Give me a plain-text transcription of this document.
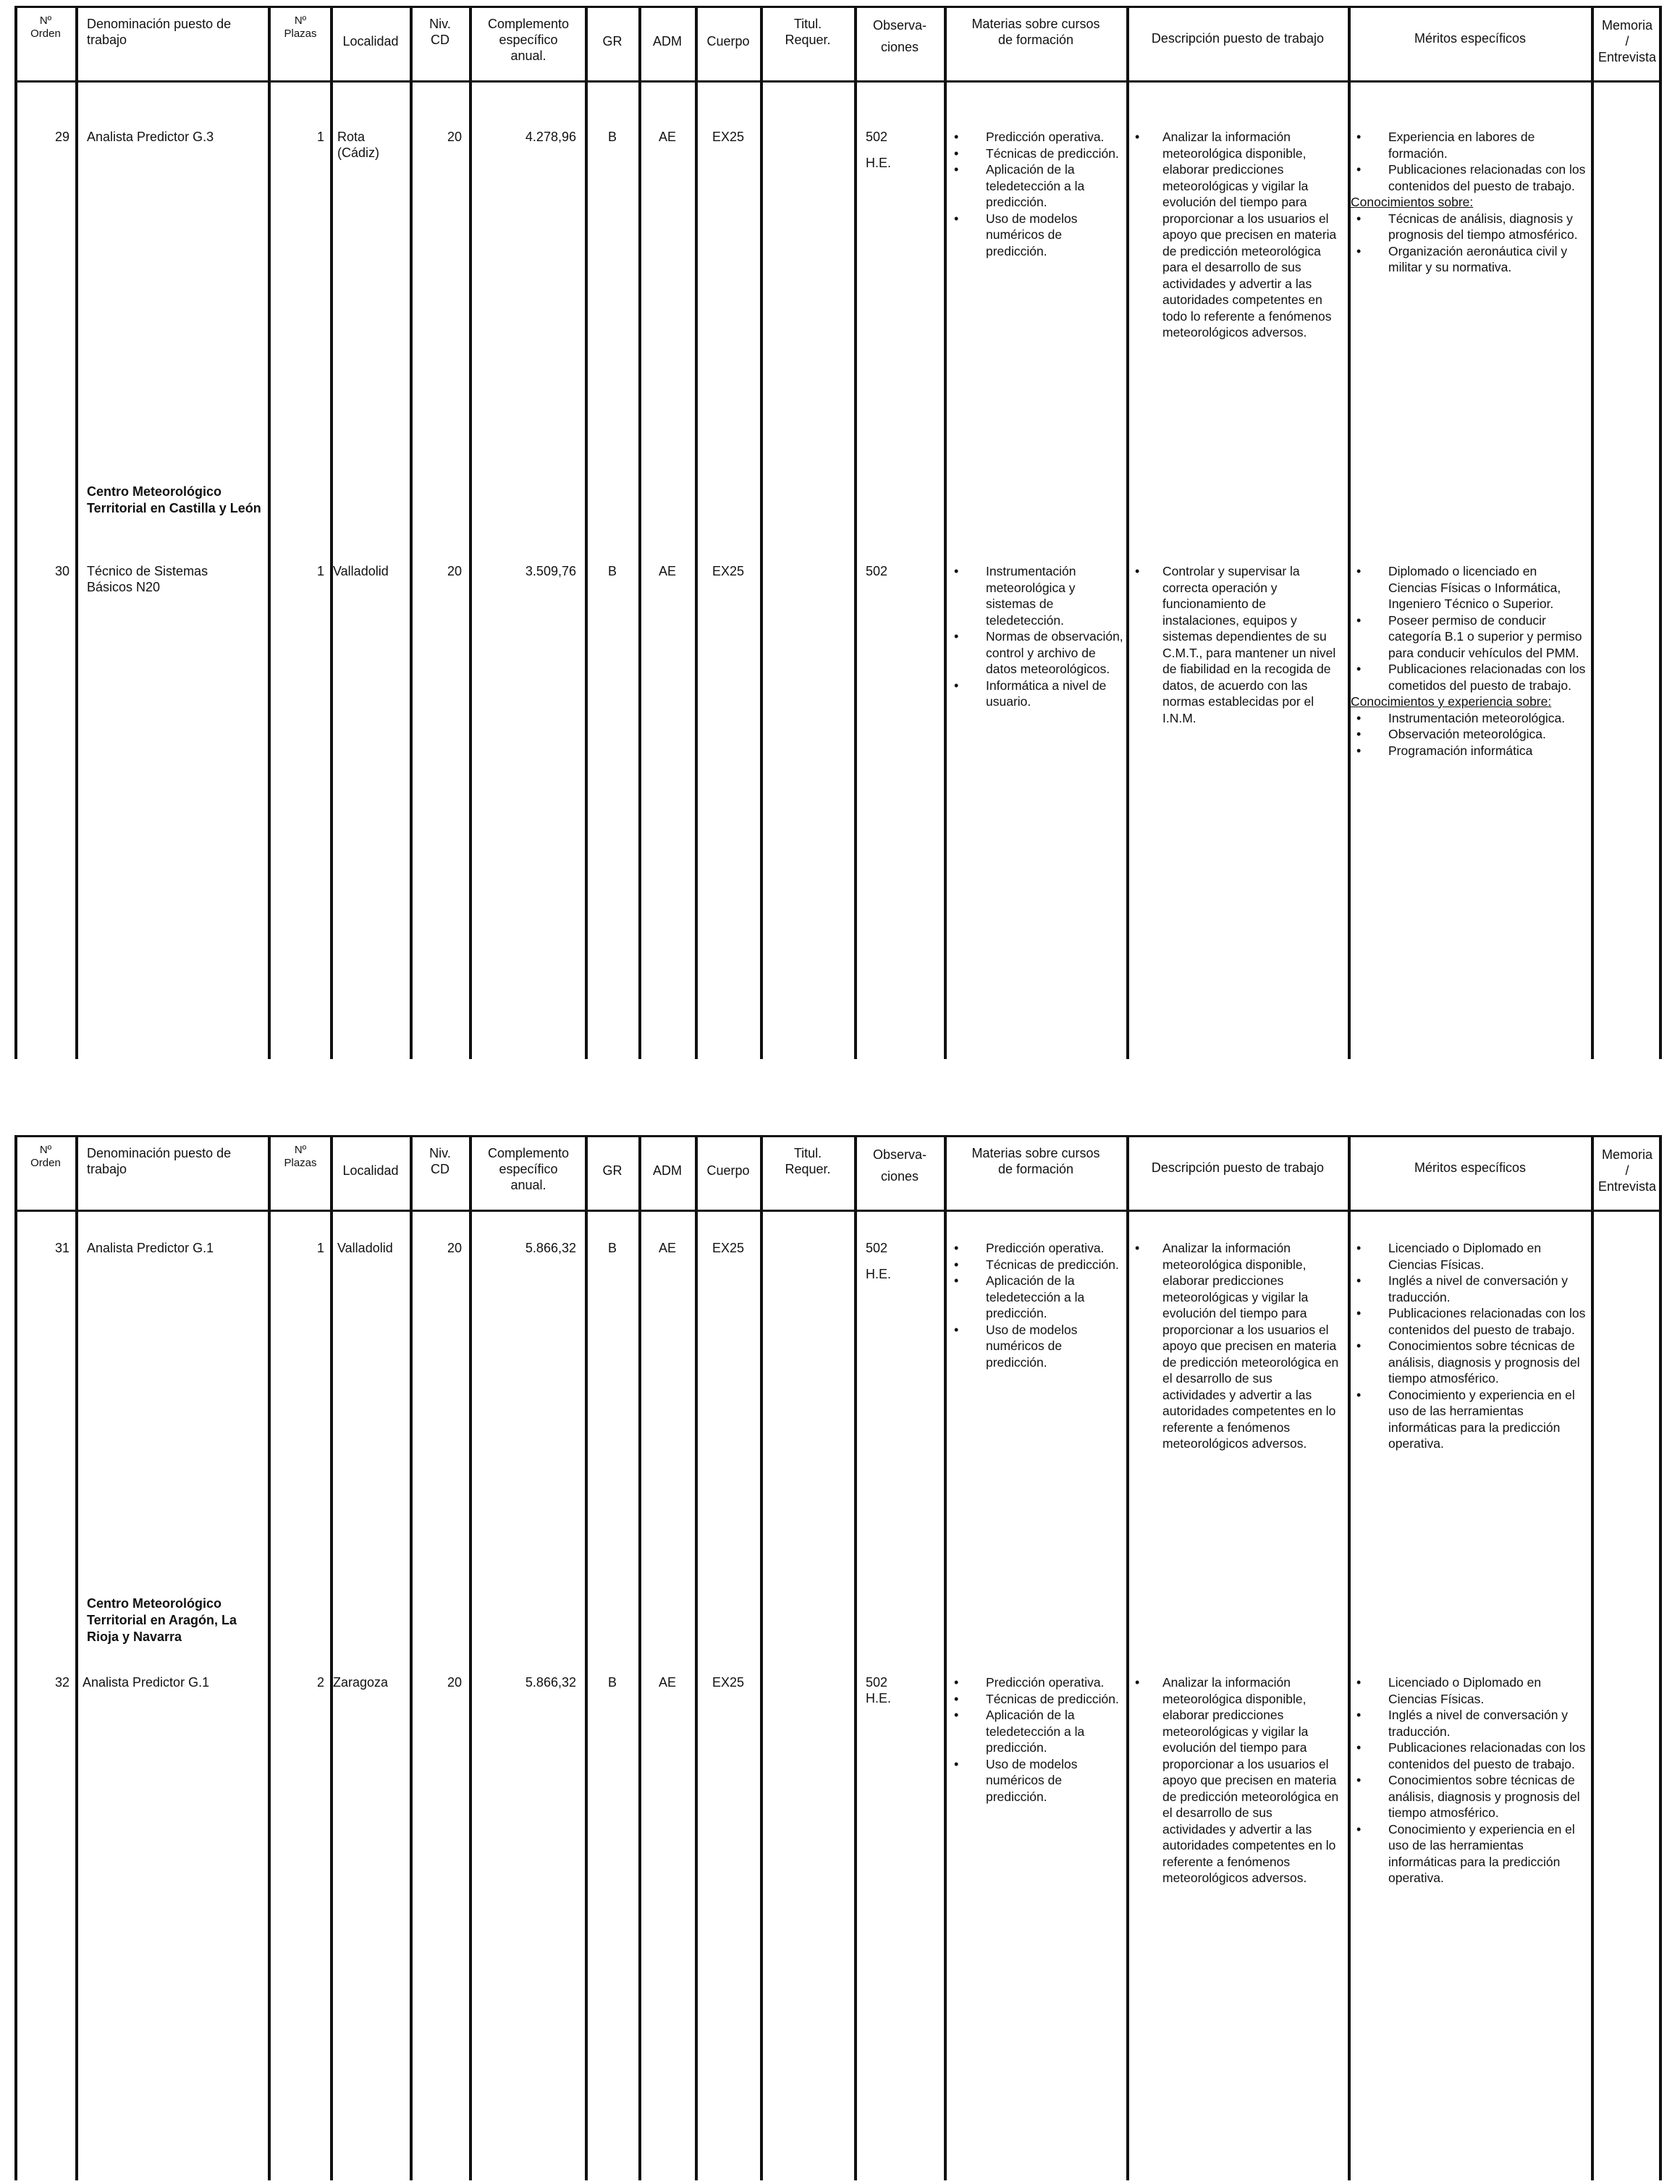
Nº
Orden
Denominación puesto de trabajo
Nº
Plazas
Localidad
Niv.
CD
Complemento
específico
anual.
GR	ADM	Cuerpo
Titul.
Requer.
Observa-
ciones
Materias sobre cursos
de formación	Descripción puesto de trabajo	Méritos específicos
Memoria
/
Entrevista
29 Analista Predictor G.3	1 Rota
(Cádiz)
20	4.278,96	B	AE	EX25	502
H.E.
• Predicción operativa.
• Técnicas de predicción.
• Aplicación de la teledetección a la predicción.
• Uso de modelos numéricos de predicción.
• Analizar la información meteorológica disponible, elaborar predicciones meteorológicas y vigilar la evolución del tiempo para proporcionar a los usuarios el apoyo que precisen en materia de predicción meteorológica para el desarrollo de sus actividades y advertir a las autoridades competentes en todo lo referente a fenómenos meteorológicos adversos.
• Experiencia en labores de formación.
• Publicaciones relacionadas con los contenidos del puesto de trabajo.
Conocimientos sobre:
• Técnicas de análisis, diagnosis y prognosis del tiempo atmosférico.
• Organización aeronáutica civil y militar y su normativa.
Centro Meteorológico Territorial en Castilla y León
30 Técnico de Sistemas Básicos N20
1 Valladolid	20	3.509,76	B	AE	EX25	502
•	Instrumentación meteorológica y sistemas de teledetección.
• Normas de observación, control y archivo de datos meteorológicos.
• Informática a nivel de usuario.
• Controlar y supervisar la correcta operación y funcionamiento de instalaciones, equipos y sistemas dependientes de su C.M.T., para mantener un nivel de fiabilidad en la recogida de datos, de acuerdo con las normas establecidas por el I.N.M.
• Diplomado o licenciado en Ciencias Físicas o Informática, Ingeniero Técnico o Superior.
• Poseer permiso de conducir categoría B.1 o superior y permiso para conducir vehículos del PMM.
• Publicaciones relacionadas con los cometidos del puesto de trabajo.
Conocimientos y experiencia sobre:
• Instrumentación meteorológica.
• Observación meteorológica.
• Programación informática
Nº
Orden
Denominación puesto de trabajo
Nº
Plazas
Localidad
Niv.
CD
Complemento
específico
anual.
GR	ADM	Cuerpo
Titul.
Requer.
Observa-
ciones
Materias sobre cursos
de formación	Descripción puesto de trabajo	Méritos específicos
Memoria
/
Entrevista
31 Analista Predictor G.1	1 Valladolid	20	5.866,32	B	AE	EX25	502
H.E.
• Predicción operativa.
• Técnicas de predicción.
• Aplicación de la teledetección a la predicción.
• Uso de modelos numéricos de predicción.
• Analizar la información meteorológica disponible, elaborar predicciones meteorológicas y vigilar la evolución del tiempo para proporcionar a los usuarios el apoyo que precisen en materia de predicción meteorológica en el desarrollo de sus actividades y advertir a las autoridades competentes en lo referente a fenómenos meteorológicos adversos.
• Licenciado o Diplomado en Ciencias Físicas.
• Inglés a nivel de conversación y traducción.
• Publicaciones relacionadas con los contenidos del puesto de trabajo.
• Conocimientos sobre técnicas de análisis, diagnosis y prognosis del tiempo atmosférico.
• Conocimiento y experiencia en el uso de las herramientas informáticas para la predicción operativa.
Centro Meteorológico Territorial en Aragón, La Rioja y Navarra
32 Analista Predictor G.1	2 Zaragoza	20	5.866,32	B	AE	EX25	502
H.E.
• Predicción operativa.
• Técnicas de predicción.
• Aplicación de la teledetección a la predicción.
• Uso de modelos numéricos de predicción.
• Analizar la información meteorológica disponible, elaborar predicciones meteorológicas y vigilar la evolución del tiempo para proporcionar a los usuarios el apoyo que precisen en materia de predicción meteorológica en el desarrollo de sus actividades y advertir a las autoridades competentes en lo referente a fenómenos meteorológicos adversos.
• Licenciado o Diplomado en Ciencias Físicas.
• Inglés a nivel de conversación y traducción.
• Publicaciones relacionadas con los contenidos del puesto de trabajo.
• Conocimientos sobre técnicas de análisis, diagnosis y prognosis del tiempo atmosférico.
• Conocimiento y experiencia en el uso de las herramientas informáticas para la predicción operativa.
